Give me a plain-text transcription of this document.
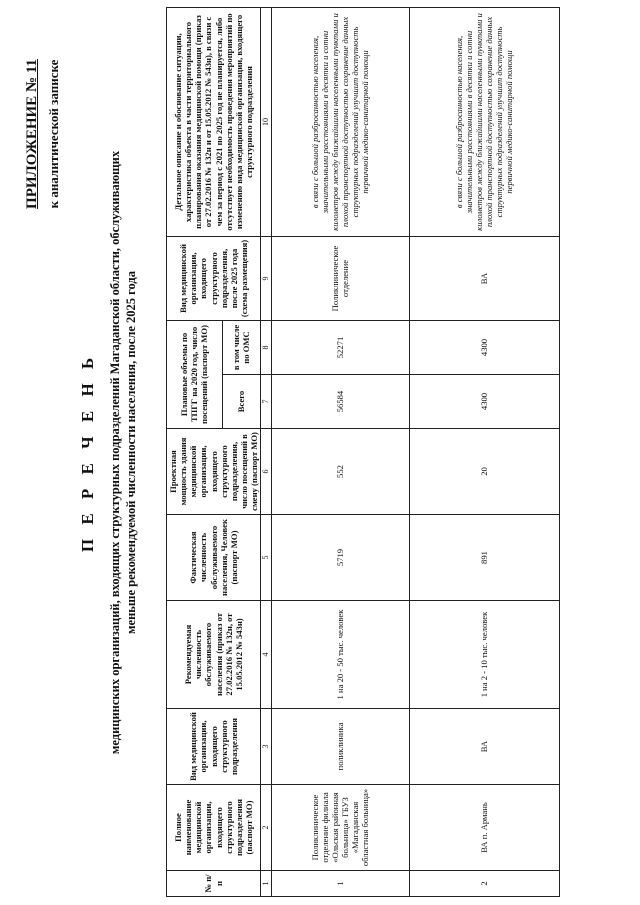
ПРИЛОЖЕНИЕ № 11 к аналитической записке
П Е Р Е Ч Е Н Ь медицинских организаций, входящих структурных подразделений Магаданской области, обслуживающих меньше рекомендуемой численности населения, после 2025 года
№ п/п	Полное наименование медицинской организации, входящего структурного подразделения (паспорт МО)	Вид медицинской организации, входящего структурного подразделения	Рекомендуемая численность обслуживаемого населения (приказ от 27.02.2016 № 132н, от 15.05.2012 № 543н)	Фактическая численность обслуживаемого населения, Человек (паспорт МО)	Проектная мощность здания медицинской организации, входящего структурного подразделения, число посещений в смену (паспорт МО)	Плановые объемы по ТПГГ на 2020 год, число посещений (паспорт МО)		Вид медицинской организации, входящего структурного подразделения, после 2025 года (схема размещения)	Детальное описание и обоснование ситуации, характеристика объекта в части территориального планирования оказания медицинской помощи (приказ от 27.02.2016 № 132н и от 15.05.2012 № 543н), в связи с чем за период с 2021 по 2025 год не планируется, либо отсутствует необходимость проведения мероприятий по изменению вида медицинской организации, входящего структурного подразделения
						Всего	в том числе по ОМС		
1	2	3	4	5	6	7	8	9	10
1	Поликлиническое отделение филиала «Ольская районная больница» ГБУЗ «Магаданская областная больница»	поликлиника	1 на 20 - 50 тыс. человек	5719	552	56584	52271	Поликлиническое отделение	в связи с большой разбросанностью населения, значительными расстояниями в десятки и сотни километров между ближайшими населенными пунктами и плохой транспортной доступностью сохранение данных структурных подразделений улучшит доступность первичной медико-санитарной помощи
2	ВА п. Армань	ВА	1 на 2 - 10 тыс. человек	891	20	4300	4300	ВА	в связи с большой разбросанностью населения, значительными расстояниями в десятки и сотни километров между ближайшими населенными пунктами и плохой транспортной доступностью сохранение данных структурных подразделений улучшит доступность первичной медико-санитарной помощи
